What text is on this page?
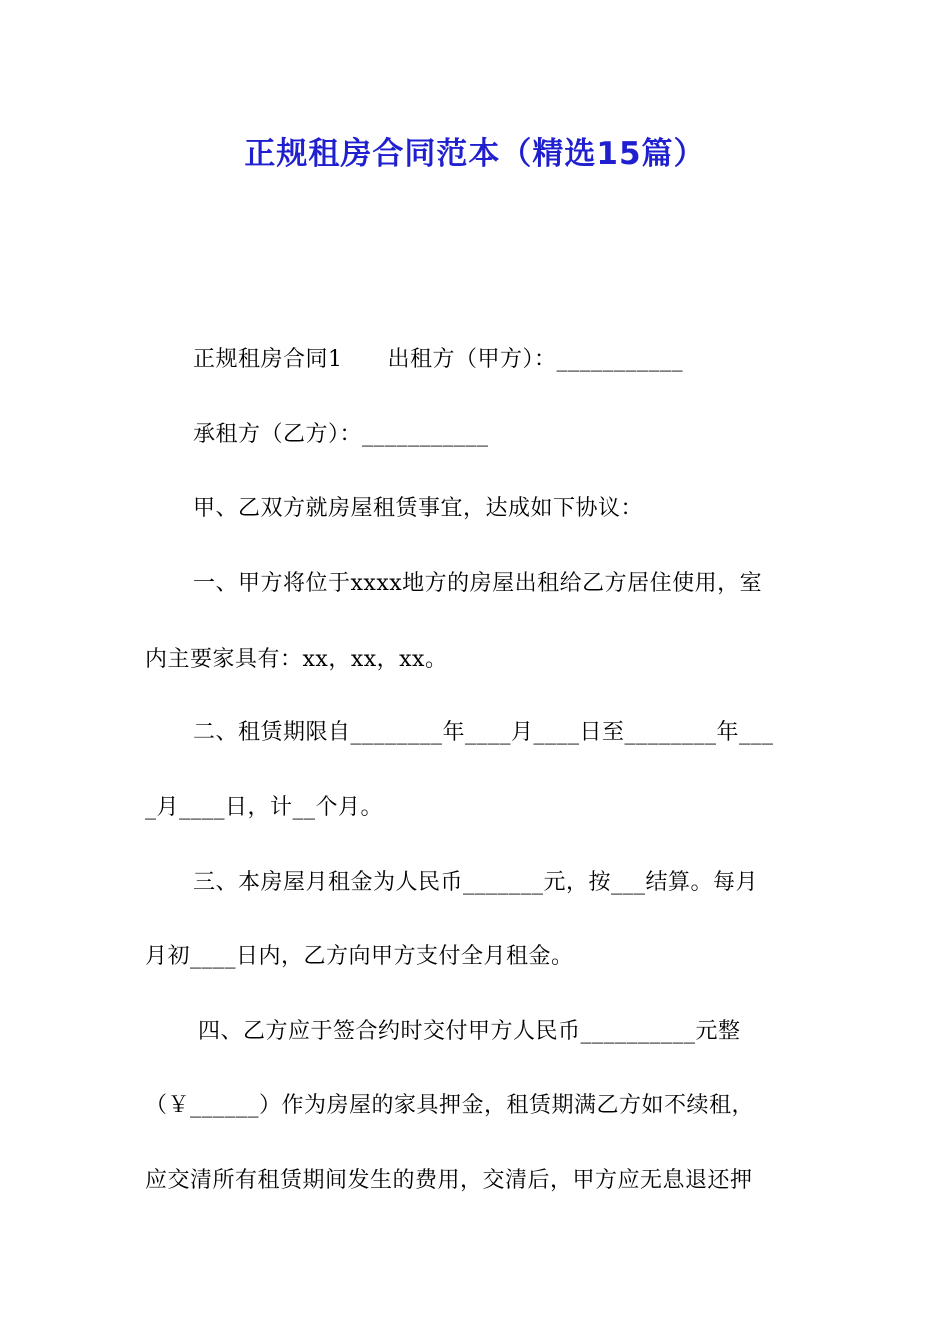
正规租房合同范本（精选15篇）
正规租房合同1　　出租方（甲方）：___________
承租方（乙方）：___________
甲、乙双方就房屋租赁事宜，达成如下协议：
一、甲方将位于xxxx地方的房屋出租给乙方居住使用，室
内主要家具有：xx，xx，xx。
二、租赁期限自________年____月____日至________年___
_月____日，计__个月。
三、本房屋月租金为人民币_______元，按___结算。每月
月初____日内，乙方向甲方支付全月租金。
四、乙方应于签合约时交付甲方人民币__________元整
（￥______）作为房屋的家具押金，租赁期满乙方如不续租，
应交清所有租赁期间发生的费用，交清后，甲方应无息退还押
